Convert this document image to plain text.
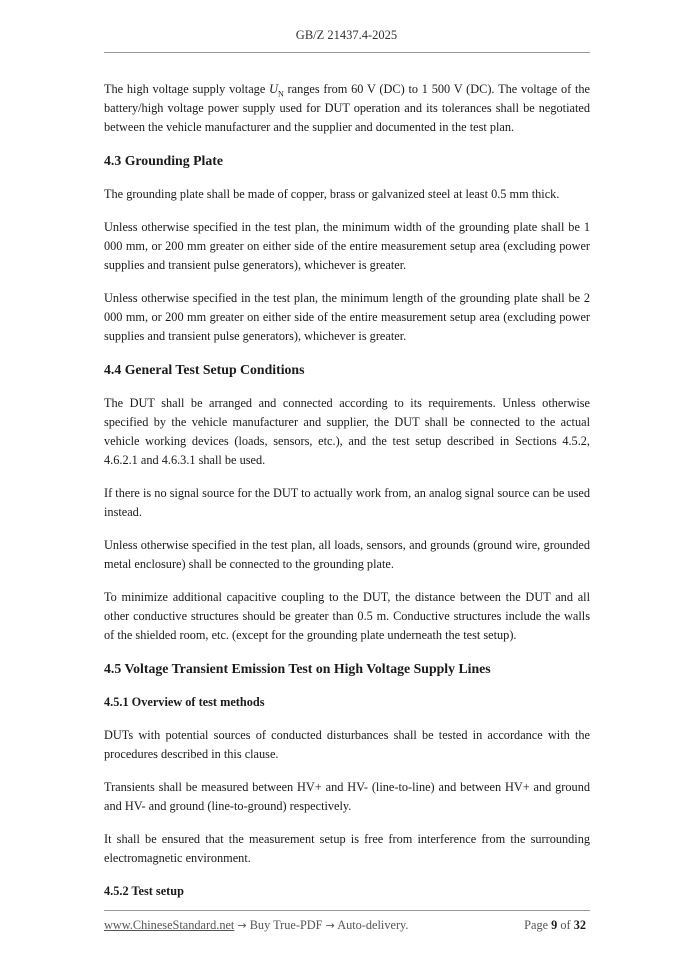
GB/Z 21437.4-2025

The high voltage supply voltage $U_N$ ranges from 60 V (DC) to 1 500 V (DC). The voltage of the battery/high voltage power supply used for DUT operation and its tolerances shall be negotiated between the vehicle manufacturer and the supplier and documented in the test plan.

4.3 Grounding Plate

The grounding plate shall be made of copper, brass or galvanized steel at least 0.5 mm thick.

Unless otherwise specified in the test plan, the minimum width of the grounding plate shall be 1 000 mm, or 200 mm greater on either side of the entire measurement setup area (excluding power supplies and transient pulse generators), whichever is greater.

Unless otherwise specified in the test plan, the minimum length of the grounding plate shall be 2 000 mm, or 200 mm greater on either side of the entire measurement setup area (excluding power supplies and transient pulse generators), whichever is greater.

4.4 General Test Setup Conditions

The DUT shall be arranged and connected according to its requirements. Unless otherwise specified by the vehicle manufacturer and supplier, the DUT shall be connected to the actual vehicle working devices (loads, sensors, etc.), and the test setup described in Sections 4.5.2, 4.6.2.1 and 4.6.3.1 shall be used.

If there is no signal source for the DUT to actually work from, an analog signal source can be used instead.

Unless otherwise specified in the test plan, all loads, sensors, and grounds (ground wire, grounded metal enclosure) shall be connected to the grounding plate.

To minimize additional capacitive coupling to the DUT, the distance between the DUT and all other conductive structures should be greater than 0.5 m. Conductive structures include the walls of the shielded room, etc. (except for the grounding plate underneath the test setup).

4.5 Voltage Transient Emission Test on High Voltage Supply Lines
4.5.1 Overview of test methods

DUTs with potential sources of conducted disturbances shall be tested in accordance with the procedures described in this clause.

Transients shall be measured between HV+ and HV- (line-to-line) and between HV+ and ground and HV- and ground (line-to-ground) respectively.

It shall be ensured that the measurement setup is free from interference from the surrounding electromagnetic environment.

4.5.2 Test setup
www.ChineseStandard.net → Buy True-PDF → Auto-delivery.	Page 9 of 32
